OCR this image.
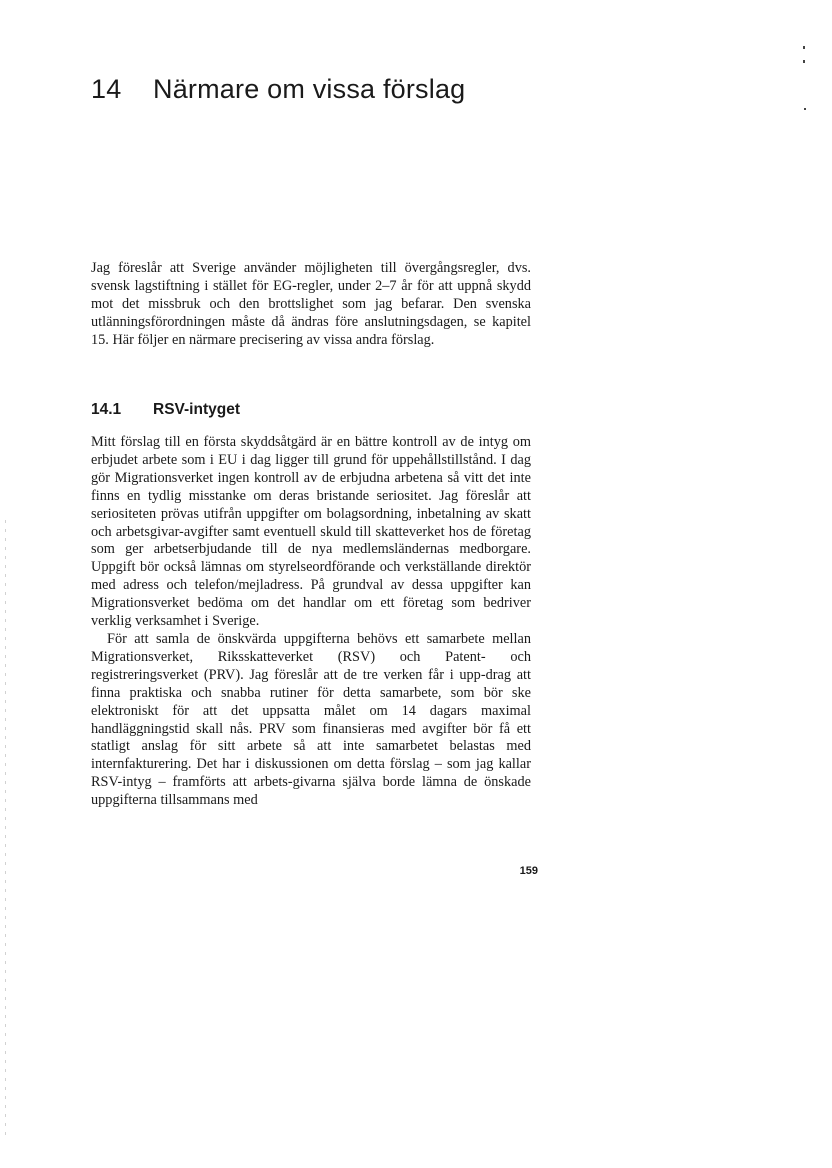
14 Närmare om vissa förslag

Jag föreslår att Sverige använder möjligheten till övergångsregler, dvs. svensk lagstiftning i stället för EG-regler, under 2–7 år för att uppnå skydd mot det missbruk och den brottslighet som jag befarar. Den svenska utlänningsförordningen måste då ändras före anslutningsdagen, se kapitel 15. Här följer en närmare precisering av vissa andra förslag.

14.1 RSV-intyget

Mitt förslag till en första skyddsåtgärd är en bättre kontroll av de intyg om erbjudet arbete som i EU i dag ligger till grund för uppehållstillstånd. I dag gör Migrationsverket ingen kontroll av de erbjudna arbetena så vitt det inte finns en tydlig misstanke om deras bristande seriositet. Jag föreslår att seriositeten prövas utifrån uppgifter om bolagsordning, inbetalning av skatt och arbetsgivar-avgifter samt eventuell skuld till skatteverket hos de företag som ger arbetserbjudande till de nya medlemsländernas medborgare. Uppgift bör också lämnas om styrelseordförande och verkställande direktör med adress och telefon/mejladress. På grundval av dessa uppgifter kan Migrationsverket bedöma om det handlar om ett företag som bedriver verklig verksamhet i Sverige.

För att samla de önskvärda uppgifterna behövs ett samarbete mellan Migrationsverket, Riksskatteverket (RSV) och Patent- och registreringsverket (PRV). Jag föreslår att de tre verken får i upp-drag att finna praktiska och snabba rutiner för detta samarbete, som bör ske elektroniskt för att det uppsatta målet om 14 dagars maximal handläggningstid skall nås. PRV som finansieras med avgifter bör få ett statligt anslag för sitt arbete så att inte samarbetet belastas med internfakturering. Det har i diskussionen om detta förslag – som jag kallar RSV-intyg – framförts att arbets-givarna själva borde lämna de önskade uppgifterna tillsammans med

159
